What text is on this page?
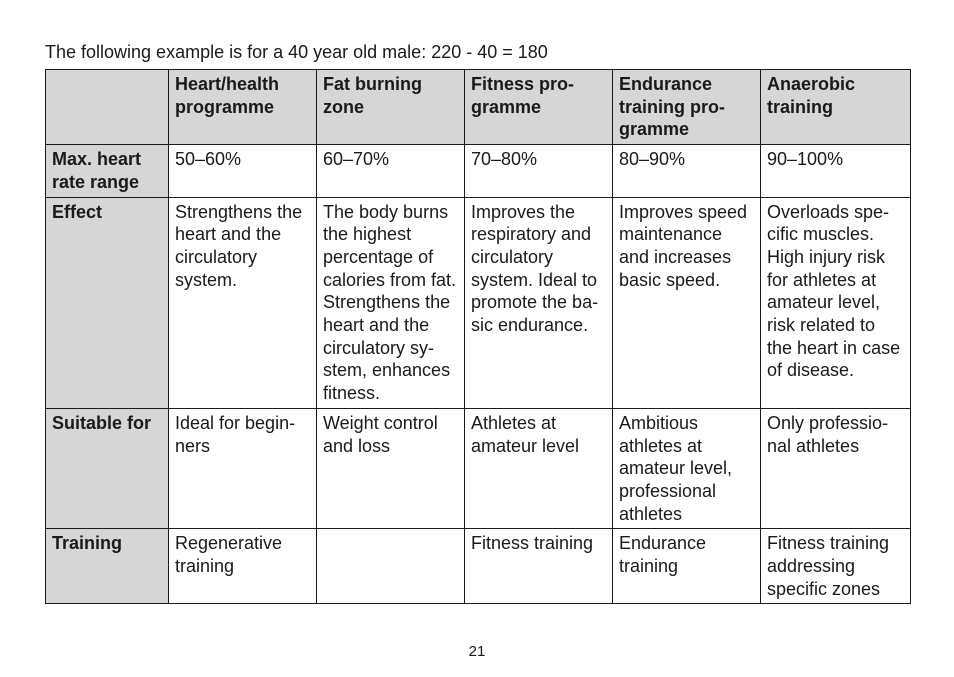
The following example is for a 40 year old male: 220 - 40 = 180
	Heart/health programme	Fat burning zone	Fitness pro-gramme	Endurance training pro-gramme	Anaerobic training
Max. heart rate range	50–60%	60–70%	70–80%	80–90%	90–100%
Effect	Strengthens the heart and the circulatory system.	The body burns the highest percentage of calories from fat. Strengthens the heart and the circulatory sy-stem, enhances fitness.	Improves the respiratory and circulatory system. Ideal to promote the ba-sic endurance.	Improves speed maintenance and increases basic speed.	Overloads spe-cific muscles. High injury risk for athletes at amateur level, risk related to the heart in case of disease.
Suitable for	Ideal for begin-ners	Weight control and loss	Athletes at amateur level	Ambitious athletes at amateur level, professional athletes	Only professio-nal athletes
Training	Regenerative training		Fitness training	Endurance training	Fitness training addressing specific zones
21
